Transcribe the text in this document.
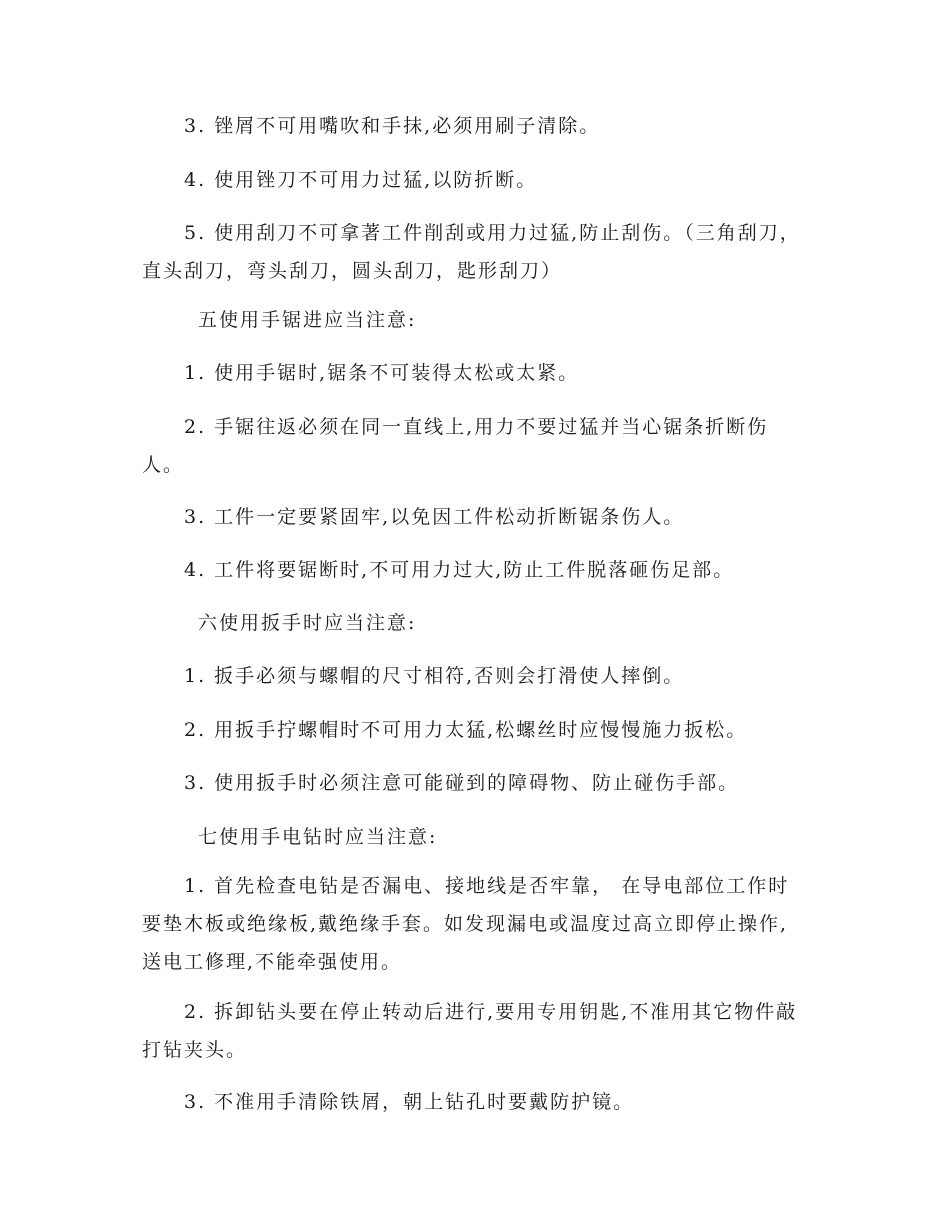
3. 锉屑不可用嘴吹和手抹,必须用刷子清除。

4. 使用锉刀不可用力过猛,以防折断。

5. 使用刮刀不可拿著工件削刮或用力过猛,防止刮伤。（三角刮刀，直头刮刀，弯头刮刀，圆头刮刀，匙形刮刀）

五使用手锯进应当注意:

1. 使用手锯时,锯条不可装得太松或太紧。

2. 手锯往返必须在同一直线上,用力不要过猛并当心锯条折断伤人。

3. 工件一定要紧固牢,以免因工件松动折断锯条伤人。

4. 工件将要锯断时,不可用力过大,防止工件脱落砸伤足部。

六使用扳手时应当注意:

1. 扳手必须与螺帽的尺寸相符,否则会打滑使人摔倒。

2. 用扳手拧螺帽时不可用力太猛,松螺丝时应慢慢施力扳松。

3. 使用扳手时必须注意可能碰到的障碍物、防止碰伤手部。

七使用手电钻时应当注意:

1. 首先检查电钻是否漏电、接地线是否牢靠， 在导电部位工作时要垫木板或绝缘板,戴绝缘手套。如发现漏电或温度过高立即停止操作,送电工修理,不能牵强使用。

2. 拆卸钻头要在停止转动后进行,要用专用钥匙,不准用其它物件敲打钻夹头。

3. 不准用手清除铁屑，朝上钻孔时要戴防护镜。
